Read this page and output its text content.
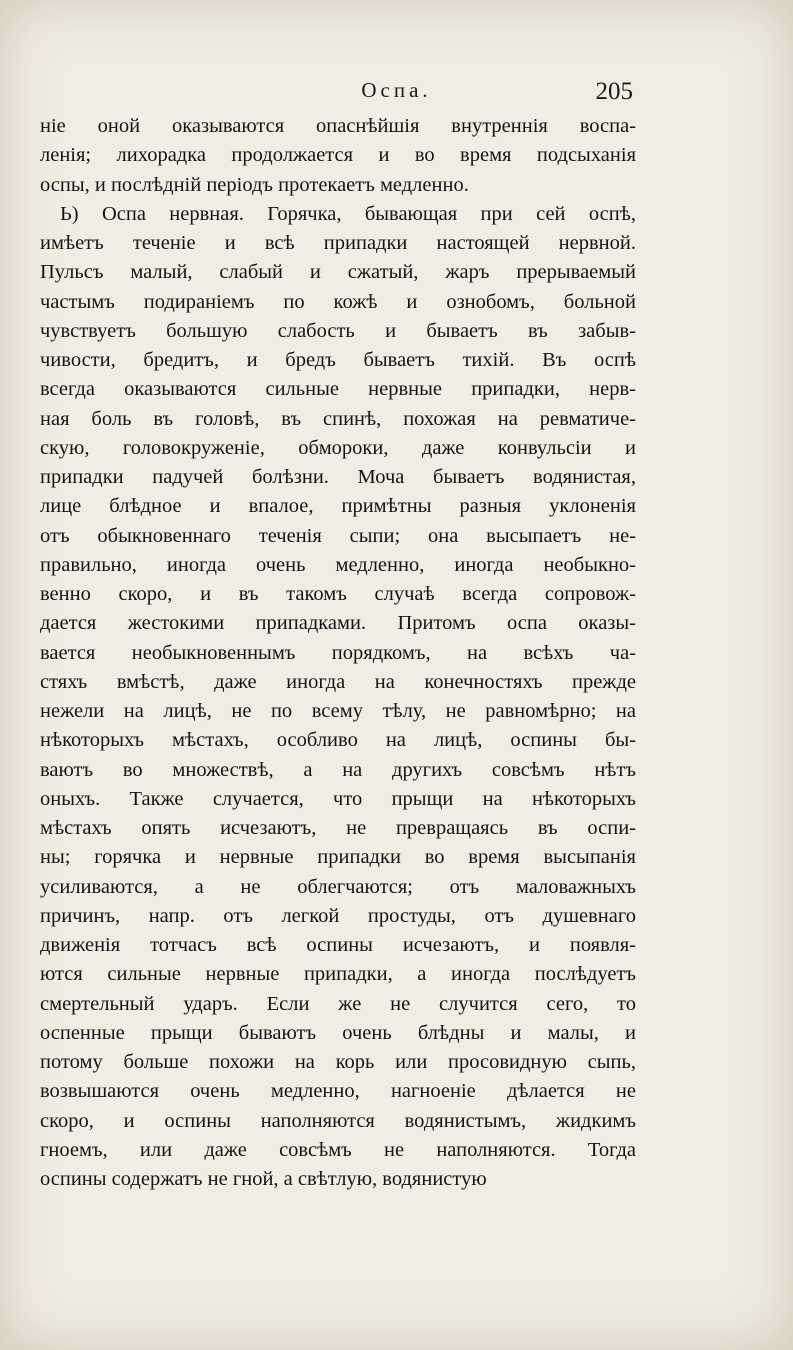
Оспа.	205
ніе оной оказываются опаснѣйшія внутреннія воспа-
ленія; лихорадка продолжается и во время подсыханія
оспы, и послѣдній періодъ протекаетъ медленно.
Ь) Оспа нервная. Горячка, бывающая при сей оспѣ,
имѣетъ теченіе и всѣ припадки настоящей нервной.
Пульсъ малый, слабый и сжатый, жаръ прерываемый
частымъ подираніемъ по кожѣ и ознобомъ, больной
чувствуетъ большую слабость и бываетъ въ забыв-
чивости, бредитъ, и бредъ бываетъ тихій. Въ оспѣ
всегда оказываются сильные нервные припадки, нерв-
ная боль въ головѣ, въ спинѣ, похожая на ревматиче-
скую, головокруженіе, обмороки, даже конвульсіи и
припадки падучей болѣзни. Моча бываетъ водянистая,
лице блѣдное и впалое, примѣтны разныя уклоненія
отъ обыкновеннаго теченія сыпи; она высыпаетъ не-
правильно, иногда очень медленно, иногда необыкно-
венно скоро, и въ такомъ случаѣ всегда сопровож-
дается жестокими припадками. Притомъ оспа оказы-
вается необыкновеннымъ порядкомъ, на всѣхъ ча-
стяхъ вмѣстѣ, даже иногда на конечностяхъ прежде
нежели на лицѣ, не по всему тѣлу, не равномѣрно; на
нѣкоторыхъ мѣстахъ, особливо на лицѣ, оспины бы-
ваютъ во множествѣ, а на другихъ совсѣмъ нѣтъ
оныхъ. Также случается, что прыщи на нѣкоторыхъ
мѣстахъ опять исчезаютъ, не превращаясь въ оспи-
ны; горячка и нервные припадки во время высыпанія
усиливаются, а не облегчаются; отъ маловажныхъ
причинъ, напр. отъ легкой простуды, отъ душевнаго
движенія тотчасъ всѣ оспины исчезаютъ, и появля-
ются сильные нервные припадки, а иногда послѣдуетъ
смертельный ударъ. Если же не случится сего, то
оспенные прыщи бываютъ очень блѣдны и малы, и
потому больше похожи на корь или просовидную сыпь,
возвышаются очень медленно, нагноеніе дѣлается не
скоро, и оспины наполняются водянистымъ, жидкимъ
гноемъ, или даже совсѣмъ не наполняются. Тогда
оспины содержатъ не гной, а свѣтлую, водянистую
